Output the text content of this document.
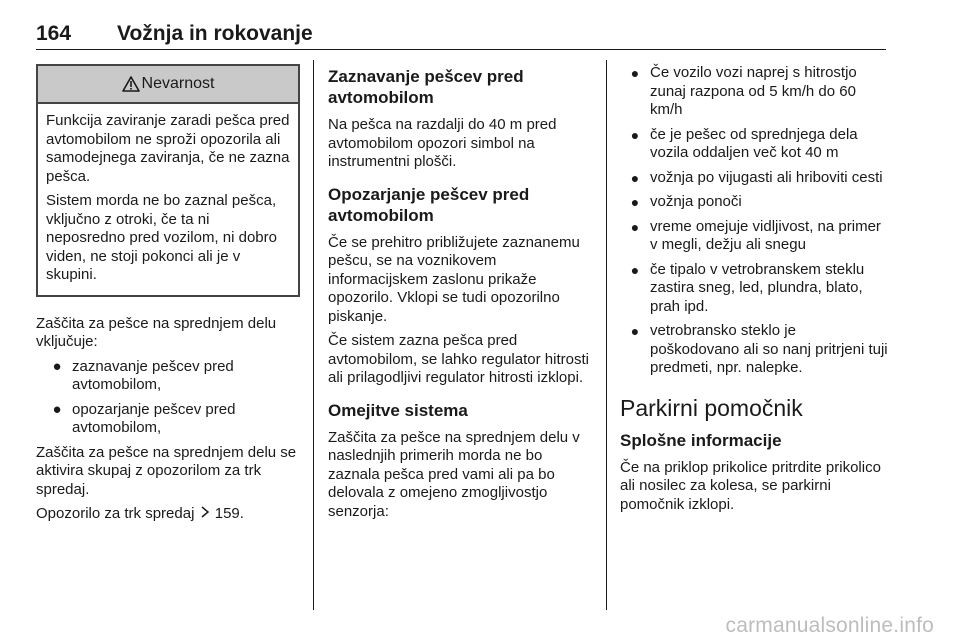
164 Vožnja in rokovanje
Nevarnost

Funkcija zaviranje zaradi pešca pred avtomobilom ne sproži opozorila ali samodejnega zaviranja, če ne zazna pešca.

Sistem morda ne bo zaznal pešca, vključno z otroki, če ta ni neposredno pred vozilom, ni dobro viden, ne stoji pokonci ali je v skupini.

Zaščita za pešce na sprednjem delu vključuje:

● zaznavanje pešcev pred avtomobilom,
● opozarjanje pešcev pred avtomobilom,

Zaščita za pešce na sprednjem delu se aktivira skupaj z opozorilom za trk spredaj.

Opozorilo za trk spredaj 159.

Zaznavanje pešcev pred avtomobilom

Na pešca na razdalji do 40 m pred avtomobilom opozori simbol na instrumentni plošči.

Opozarjanje pešcev pred avtomobilom

Če se prehitro približujete zaznanemu pešcu, se na voznikovem informacijskem zaslonu prikaže opozorilo. Vklopi se tudi opozorilno piskanje.

Če sistem zazna pešca pred avtomobilom, se lahko regulator hitrosti ali prilagodljivi regulator hitrosti izklopi.

Omejitve sistema

Zaščita za pešce na sprednjem delu v naslednjih primerih morda ne bo zaznala pešca pred vami ali pa bo delovala z omejeno zmogljivostjo senzorja:

● Če vozilo vozi naprej s hitrostjo zunaj razpona od 5 km/h do 60 km/h
● če je pešec od sprednjega dela vozila oddaljen več kot 40 m
● vožnja po vijugasti ali hriboviti cesti
● vožnja ponoči
● vreme omejuje vidljivost, na primer v megli, dežju ali snegu
● če tipalo v vetrobranskem steklu zastira sneg, led, plundra, blato, prah ipd.
● vetrobransko steklo je poškodovano ali so nanj pritrjeni tuji predmeti, npr. nalepke.
Parkirni pomočnik
Splošne informacije

Če na priklop prikolice pritrdite prikolico ali nosilec za kolesa, se parkirni pomočnik izklopi.

carmanualsonline.info
